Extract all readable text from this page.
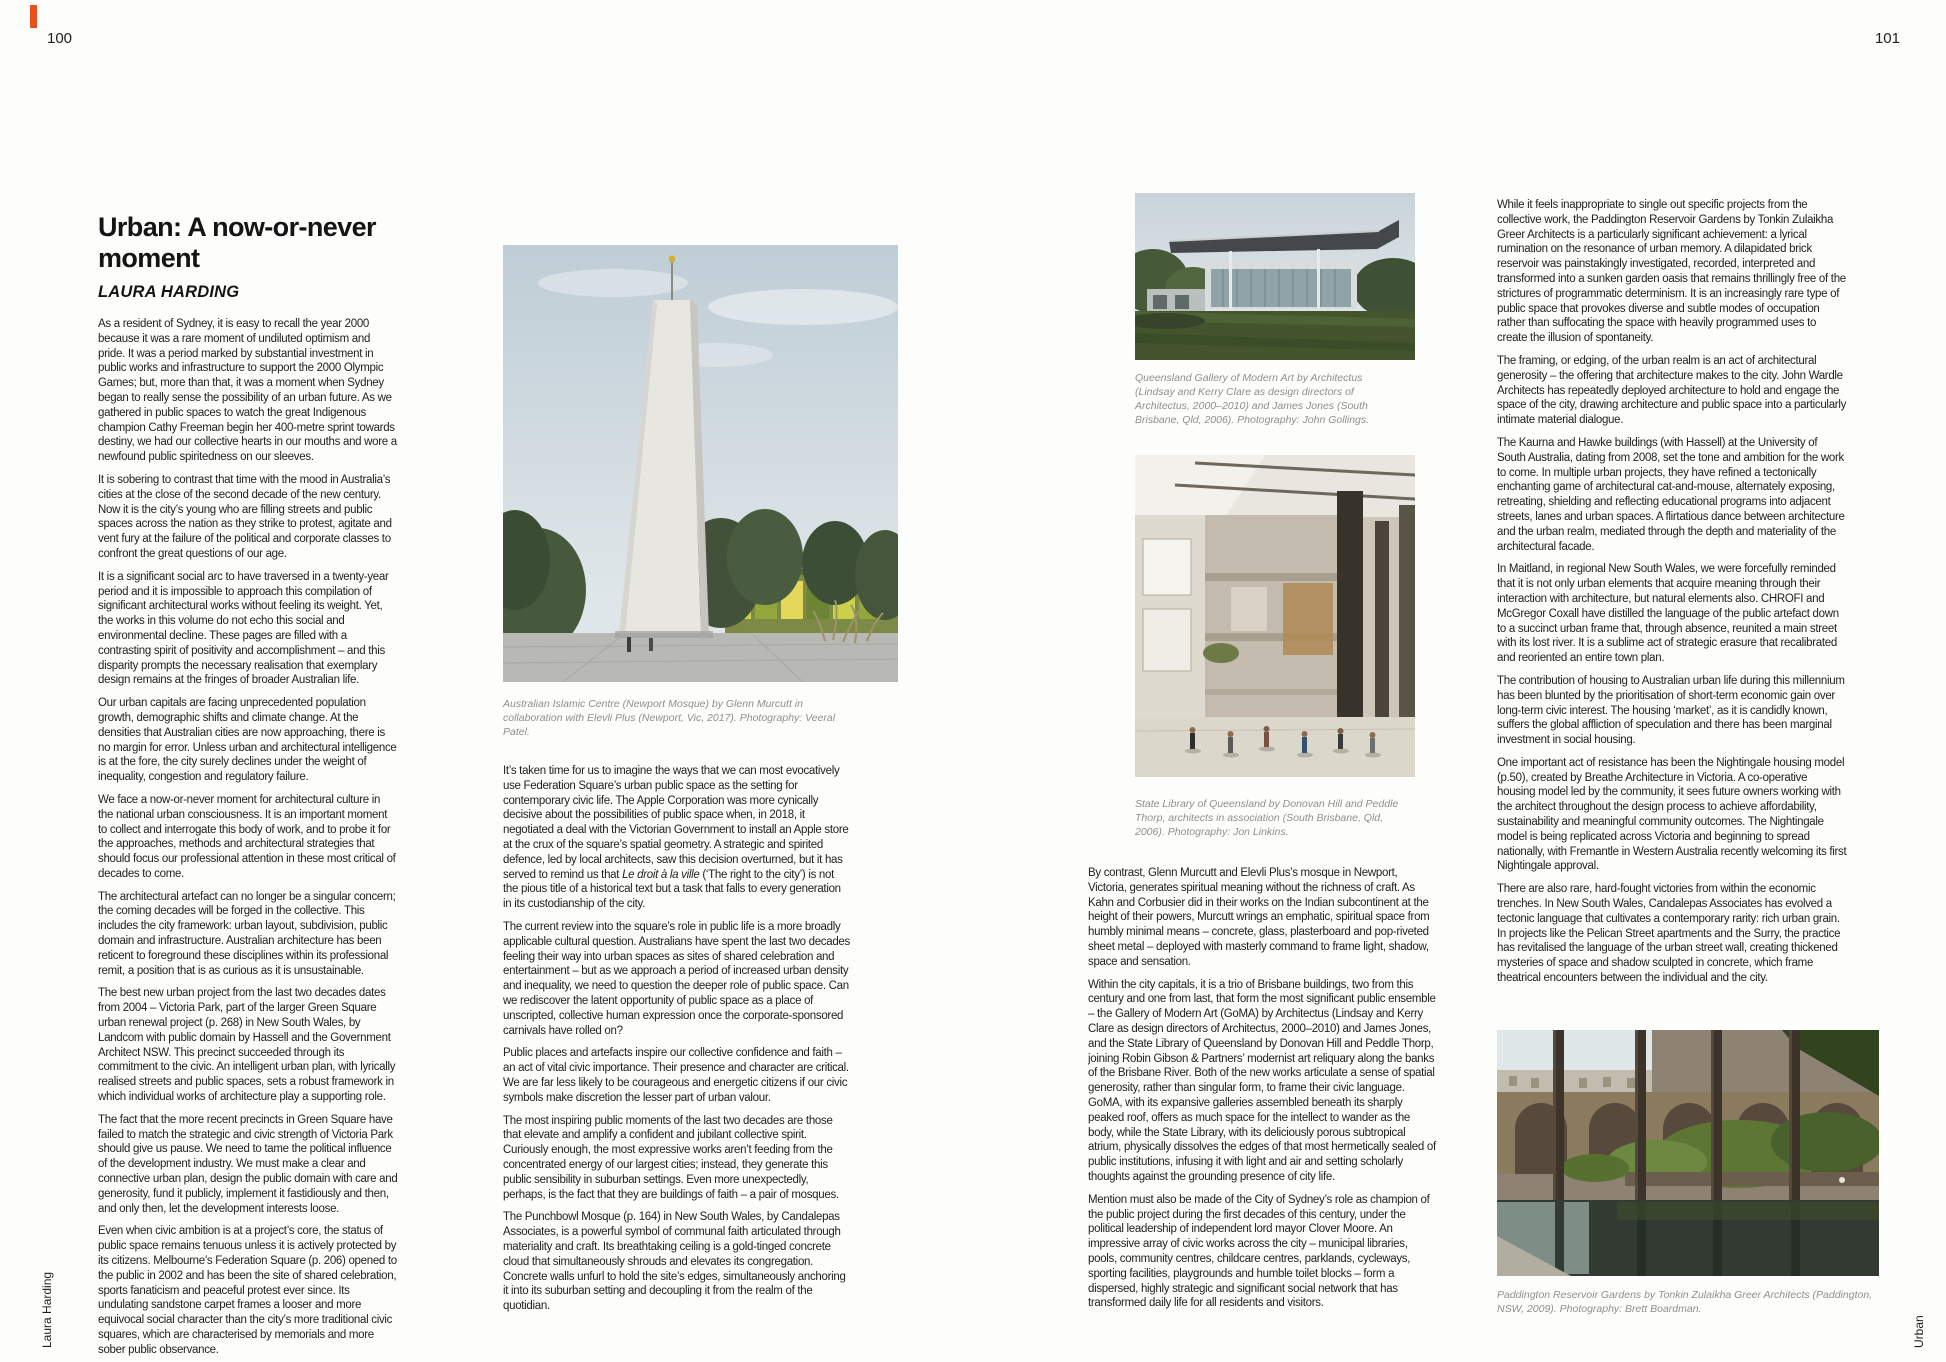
100	101
Laura Harding	Urban
Urban: A now-or-never moment
LAURA HARDING

As a resident of Sydney, it is easy to recall the year 2000 because it was a rare moment of undiluted optimism and pride. It was a period marked by substantial investment in public works and infrastructure to support the 2000 Olympic Games; but, more than that, it was a moment when Sydney began to really sense the possibility of an urban future. As we gathered in public spaces to watch the great Indigenous champion Cathy Freeman begin her 400-metre sprint towards destiny, we had our collective hearts in our mouths and wore a newfound public spiritedness on our sleeves.

It is sobering to contrast that time with the mood in Australia’s cities at the close of the second decade of the new century. Now it is the city’s young who are filling streets and public spaces across the nation as they strike to protest, agitate and vent fury at the failure of the political and corporate classes to confront the great questions of our age.

It is a significant social arc to have traversed in a twenty-year period and it is impossible to approach this compilation of significant architectural works without feeling its weight. Yet, the works in this volume do not echo this social and environmental decline. These pages are filled with a contrasting spirit of positivity and accomplishment – and this disparity prompts the necessary realisation that exemplary design remains at the fringes of broader Australian life.

Our urban capitals are facing unprecedented population growth, demographic shifts and climate change. At the densities that Australian cities are now approaching, there is no margin for error. Unless urban and architectural intelligence is at the fore, the city surely declines under the weight of inequality, congestion and regulatory failure.

We face a now-or-never moment for architectural culture in the national urban consciousness. It is an important moment to collect and interrogate this body of work, and to probe it for the approaches, methods and architectural strategies that should focus our professional attention in these most critical of decades to come.

The architectural artefact can no longer be a singular concern; the coming decades will be forged in the collective. This includes the city framework: urban layout, subdivision, public domain and infrastructure. Australian architecture has been reticent to foreground these disciplines within its professional remit, a position that is as curious as it is unsustainable.

The best new urban project from the last two decades dates from 2004 – Victoria Park, part of the larger Green Square urban renewal project (p. 268) in New South Wales, by Landcom with public domain by Hassell and the Government Architect NSW. This precinct succeeded through its commitment to the civic. An intelligent urban plan, with lyrically realised streets and public spaces, sets a robust framework in which individual works of architecture play a supporting role.

The fact that the more recent precincts in Green Square have failed to match the strategic and civic strength of Victoria Park should give us pause. We need to tame the political influence of the development industry. We must make a clear and connective urban plan, design the public domain with care and generosity, fund it publicly, implement it fastidiously and then, and only then, let the development interests loose.

Even when civic ambition is at a project’s core, the status of public space remains tenuous unless it is actively protected by its citizens. Melbourne’s Federation Square (p. 206) opened to the public in 2002 and has been the site of shared celebration, sports fanaticism and peaceful protest ever since. Its undulating sandstone carpet frames a looser and more equivocal social character than the city’s more traditional civic squares, which are characterised by memorials and more sober public observance.

Australian Islamic Centre (Newport Mosque) by Glenn Murcutt in collaboration with Elevli Plus (Newport, Vic, 2017). Photography: Veeral Patel.

It’s taken time for us to imagine the ways that we can most evocatively use Federation Square’s urban public space as the setting for contemporary civic life. The Apple Corporation was more cynically decisive about the possibilities of public space when, in 2018, it negotiated a deal with the Victorian Government to install an Apple store at the crux of the square’s spatial geometry. A strategic and spirited defence, led by local architects, saw this decision overturned, but it has served to remind us that Le droit à la ville (‘The right to the city’) is not the pious title of a historical text but a task that falls to every generation in its custodianship of the city.

The current review into the square’s role in public life is a more broadly applicable cultural question. Australians have spent the last two decades feeling their way into urban spaces as sites of shared celebration and entertainment – but as we approach a period of increased urban density and inequality, we need to question the deeper role of public space. Can we rediscover the latent opportunity of public space as a place of unscripted, collective human expression once the corporate-sponsored carnivals have rolled on?

Public places and artefacts inspire our collective confidence and faith – an act of vital civic importance. Their presence and character are critical. We are far less likely to be courageous and energetic citizens if our civic symbols make discretion the lesser part of urban valour.

The most inspiring public moments of the last two decades are those that elevate and amplify a confident and jubilant collective spirit. Curiously enough, the most expressive works aren’t feeding from the concentrated energy of our largest cities; instead, they generate this public sensibility in suburban settings. Even more unexpectedly, perhaps, is the fact that they are buildings of faith – a pair of mosques.

The Punchbowl Mosque (p. 164) in New South Wales, by Candalepas Associates, is a powerful symbol of communal faith articulated through materiality and craft. Its breathtaking ceiling is a gold-tinged concrete cloud that simultaneously shrouds and elevates its congregation. Concrete walls unfurl to hold the site’s edges, simultaneously anchoring it into its suburban setting and decoupling it from the realm of the quotidian.

Queensland Gallery of Modern Art by Architectus (Lindsay and Kerry Clare as design directors of Architectus, 2000–2010) and James Jones (South Brisbane, Qld, 2006). Photography: John Gollings.
State Library of Queensland by Donovan Hill and Peddle Thorp, architects in association (South Brisbane, Qld, 2006). Photography: Jon Linkins.

By contrast, Glenn Murcutt and Elevli Plus’s mosque in Newport, Victoria, generates spiritual meaning without the richness of craft. As Kahn and Corbusier did in their works on the Indian subcontinent at the height of their powers, Murcutt wrings an emphatic, spiritual space from humbly minimal means – concrete, glass, plasterboard and pop-riveted sheet metal – deployed with masterly command to frame light, shadow, space and sensation.

Within the city capitals, it is a trio of Brisbane buildings, two from this century and one from last, that form the most significant public ensemble – the Gallery of Modern Art (GoMA) by Architectus (Lindsay and Kerry Clare as design directors of Architectus, 2000–2010) and James Jones, and the State Library of Queensland by Donovan Hill and Peddle Thorp, joining Robin Gibson & Partners’ modernist art reliquary along the banks of the Brisbane River. Both of the new works articulate a sense of spatial generosity, rather than singular form, to frame their civic language. GoMA, with its expansive galleries assembled beneath its sharply peaked roof, offers as much space for the intellect to wander as the body, while the State Library, with its deliciously porous subtropical atrium, physically dissolves the edges of that most hermetically sealed of public institutions, infusing it with light and air and setting scholarly thoughts against the grounding presence of city life.

Mention must also be made of the City of Sydney’s role as champion of the public project during the first decades of this century, under the political leadership of independent lord mayor Clover Moore. An impressive array of civic works across the city – municipal libraries, pools, community centres, childcare centres, parklands, cycleways, sporting facilities, playgrounds and humble toilet blocks – form a dispersed, highly strategic and significant social network that has transformed daily life for all residents and visitors.

While it feels inappropriate to single out specific projects from the collective work, the Paddington Reservoir Gardens by Tonkin Zulaikha Greer Architects is a particularly significant achievement: a lyrical rumination on the resonance of urban memory. A dilapidated brick reservoir was painstakingly investigated, recorded, interpreted and transformed into a sunken garden oasis that remains thrillingly free of the strictures of programmatic determinism. It is an increasingly rare type of public space that provokes diverse and subtle modes of occupation rather than suffocating the space with heavily programmed uses to create the illusion of spontaneity.

The framing, or edging, of the urban realm is an act of architectural generosity – the offering that architecture makes to the city. John Wardle Architects has repeatedly deployed architecture to hold and engage the space of the city, drawing architecture and public space into a particularly intimate material dialogue.

The Kaurna and Hawke buildings (with Hassell) at the University of South Australia, dating from 2008, set the tone and ambition for the work to come. In multiple urban projects, they have refined a tectonically enchanting game of architectural cat-and-mouse, alternately exposing, retreating, shielding and reflecting educational programs into adjacent streets, lanes and urban spaces. A flirtatious dance between architecture and the urban realm, mediated through the depth and materiality of the architectural facade.

In Maitland, in regional New South Wales, we were forcefully reminded that it is not only urban elements that acquire meaning through their interaction with architecture, but natural elements also. CHROFI and McGregor Coxall have distilled the language of the public artefact down to a succinct urban frame that, through absence, reunited a main street with its lost river. It is a sublime act of strategic erasure that recalibrated and reoriented an entire town plan.

The contribution of housing to Australian urban life during this millennium has been blunted by the prioritisation of short-term economic gain over long-term civic interest. The housing ‘market’, as it is candidly known, suffers the global affliction of speculation and there has been marginal investment in social housing.

One important act of resistance has been the Nightingale housing model (p.50), created by Breathe Architecture in Victoria. A co-operative housing model led by the community, it sees future owners working with the architect throughout the design process to achieve affordability, sustainability and meaningful community outcomes. The Nightingale model is being replicated across Victoria and beginning to spread nationally, with Fremantle in Western Australia recently welcoming its first Nightingale approval.

There are also rare, hard-fought victories from within the economic trenches. In New South Wales, Candalepas Associates has evolved a tectonic language that cultivates a contemporary rarity: rich urban grain. In projects like the Pelican Street apartments and the Surry, the practice has revitalised the language of the urban street wall, creating thickened mysteries of space and shadow sculpted in concrete, which frame theatrical encounters between the individual and the city.

Paddington Reservoir Gardens by Tonkin Zulaikha Greer Architects (Paddington, NSW, 2009). Photography: Brett Boardman.
